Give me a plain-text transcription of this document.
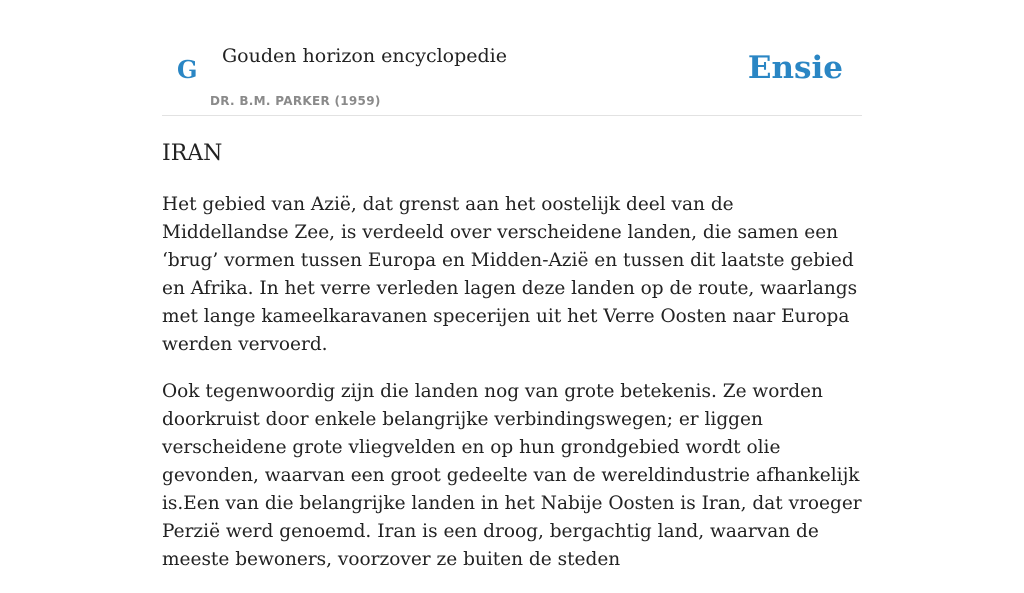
G Gouden horizon encyclopedie
DR. B.M. PARKER (1959)
Ensie
IRAN

Het gebied van Azië, dat grenst aan het oostelijk deel van de Middellandse Zee, is verdeeld over verscheidene landen, die samen een ‘brug’ vormen tussen Europa en Midden-Azië en tussen dit laatste gebied en Afrika. In het verre verleden lagen deze landen op de route, waarlangs met lange kameelkaravanen specerijen uit het Verre Oosten naar Europa werden vervoerd.

Ook tegenwoordig zijn die landen nog van grote betekenis. Ze worden doorkruist door enkele belangrijke verbindingswegen; er liggen verscheidene grote vliegvelden en op hun grondgebied wordt olie gevonden, waarvan een groot gedeelte van de wereldindustrie afhankelijk is.Een van die belangrijke landen in het Nabije Oosten is Iran, dat vroeger Perzië werd genoemd. Iran is een droog, bergachtig land, waarvan de meeste bewoners, voorzover ze buiten de steden
